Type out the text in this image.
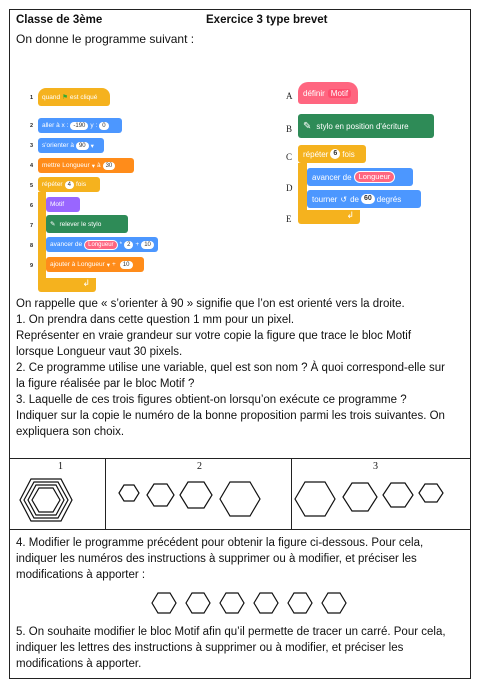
Classe de 3ème	Exercice 3 type brevet
On donne le programme suivant :
1 quand ⚑ est cliqué
2 aller à x : -190 y : 0
3 s'orienter à 90 ▾
4 mettre Longueur ▾ à 30
5 répéter 4 fois
6	Motif
7	✎ relever le stylo
8	avancer de	Longueur * 2 + 10
9	ajouter à Longueur ▾ +	10
↲
A définir Motif
B ✎ stylo en position d'écriture
C répéter 6 fois
D
avancer de Longueur
tourner ↺ de 60 degrés
E	↲
On rappelle que « s’orienter à 90 » signifie que l’on est orienté vers la droite.
1. On prendra dans cette question 1 mm pour un pixel.
Représenter en vraie grandeur sur votre copie la figure que trace le bloc Motif
lorsque Longueur vaut 30 pixels.
2. Ce programme utilise une variable, quel est son nom ? À quoi correspond-elle sur
la figure réalisée par le bloc Motif ?
3. Laquelle de ces trois figures obtient-on lorsqu’on exécute ce programme ?
Indiquer sur la copie le numéro de la bonne proposition parmi les trois suivantes. On
expliquera son choix.
1	2	3
4. Modifier le programme précédent pour obtenir la figure ci-dessous. Pour cela,
indiquer les numéros des instructions à supprimer ou à modifier, et préciser les
modifications à apporter :
5. On souhaite modifier le bloc Motif afin qu’il permette de tracer un carré. Pour cela,
indiquer les lettres des instructions à supprimer ou à modifier, et préciser les
modifications à apporter.
